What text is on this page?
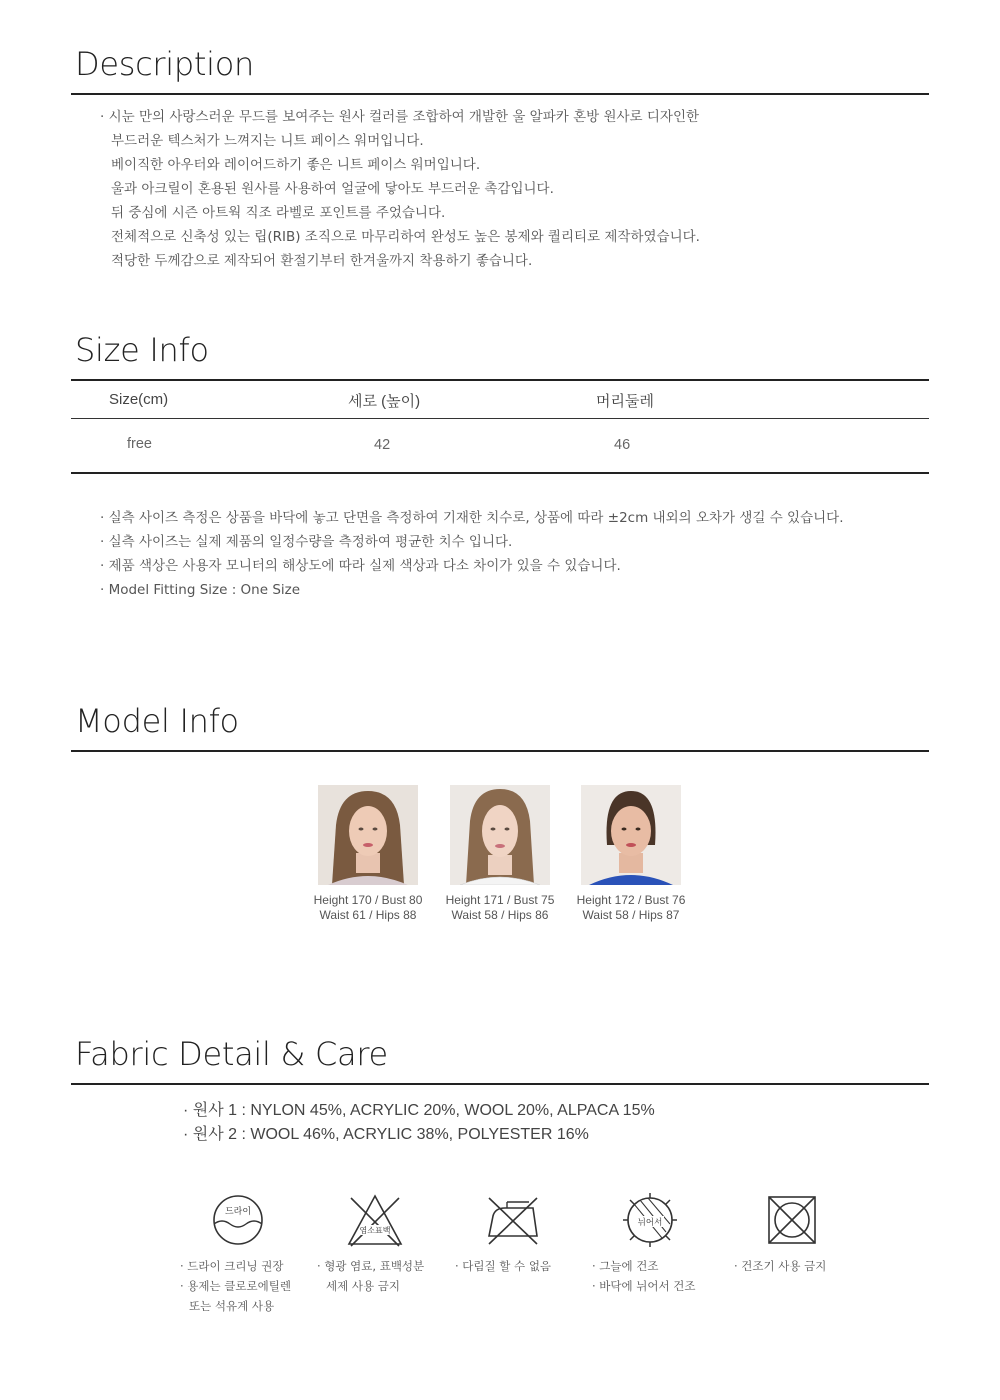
Description
· 시눈 만의 사랑스러운 무드를 보여주는 원사 컬러를 조합하여 개발한 울 알파카 혼방 원사로 디자인한
부드러운 텍스처가 느껴지는 니트 페이스 워머입니다.
베이직한 아우터와 레이어드하기 좋은 니트 페이스 워머입니다.
울과 아크릴이 혼용된 원사를 사용하여 얼굴에 닿아도 부드러운 촉감입니다.
뒤 중심에 시즌 아트웍 직조 라벨로 포인트를 주었습니다.
전체적으로 신축성 있는 립(RIB) 조직으로 마무리하여 완성도 높은 봉제와 퀄리티로 제작하였습니다.
적당한 두께감으로 제작되어 환절기부터 한겨울까지 착용하기 좋습니다.
Size Info
Size(cm)	세로 (높이)	머리둘레
free	42	46
· 실측 사이즈 측정은 상품을 바닥에 놓고 단면을 측정하여 기재한 치수로, 상품에 따라 ±2cm 내외의 오차가 생길 수 있습니다.
· 실측 사이즈는 실제 제품의 일정수량을 측정하여 평균한 치수 입니다.
· 제품 색상은 사용자 모니터의 해상도에 따라 실제 색상과 다소 차이가 있을 수 있습니다.
· Model Fitting Size : One Size
Model Info
Height 170 / Bust 80
Waist 61 / Hips 88
Height 171 / Bust 75
Waist 58 / Hips 86
Height 172 / Bust 76
Waist 58 / Hips 87
Fabric Detail & Care
· 원사 1 : NYLON 45%, ACRYLIC 20%, WOOL 20%, ALPACA 15%
· 원사 2 : WOOL 46%, ACRYLIC 38%, POLYESTER 16%
드라이
· 드라이 크리닝 권장
· 용제는 클로로에틸렌

또는 석유계 사용
염소표백
· 형광 염료, 표백성분

세제 사용 금지
· 다림질 할 수 없음
뉘어서
· 그늘에 건조
· 바닥에 뉘어서 건조
· 건조기 사용 금지
